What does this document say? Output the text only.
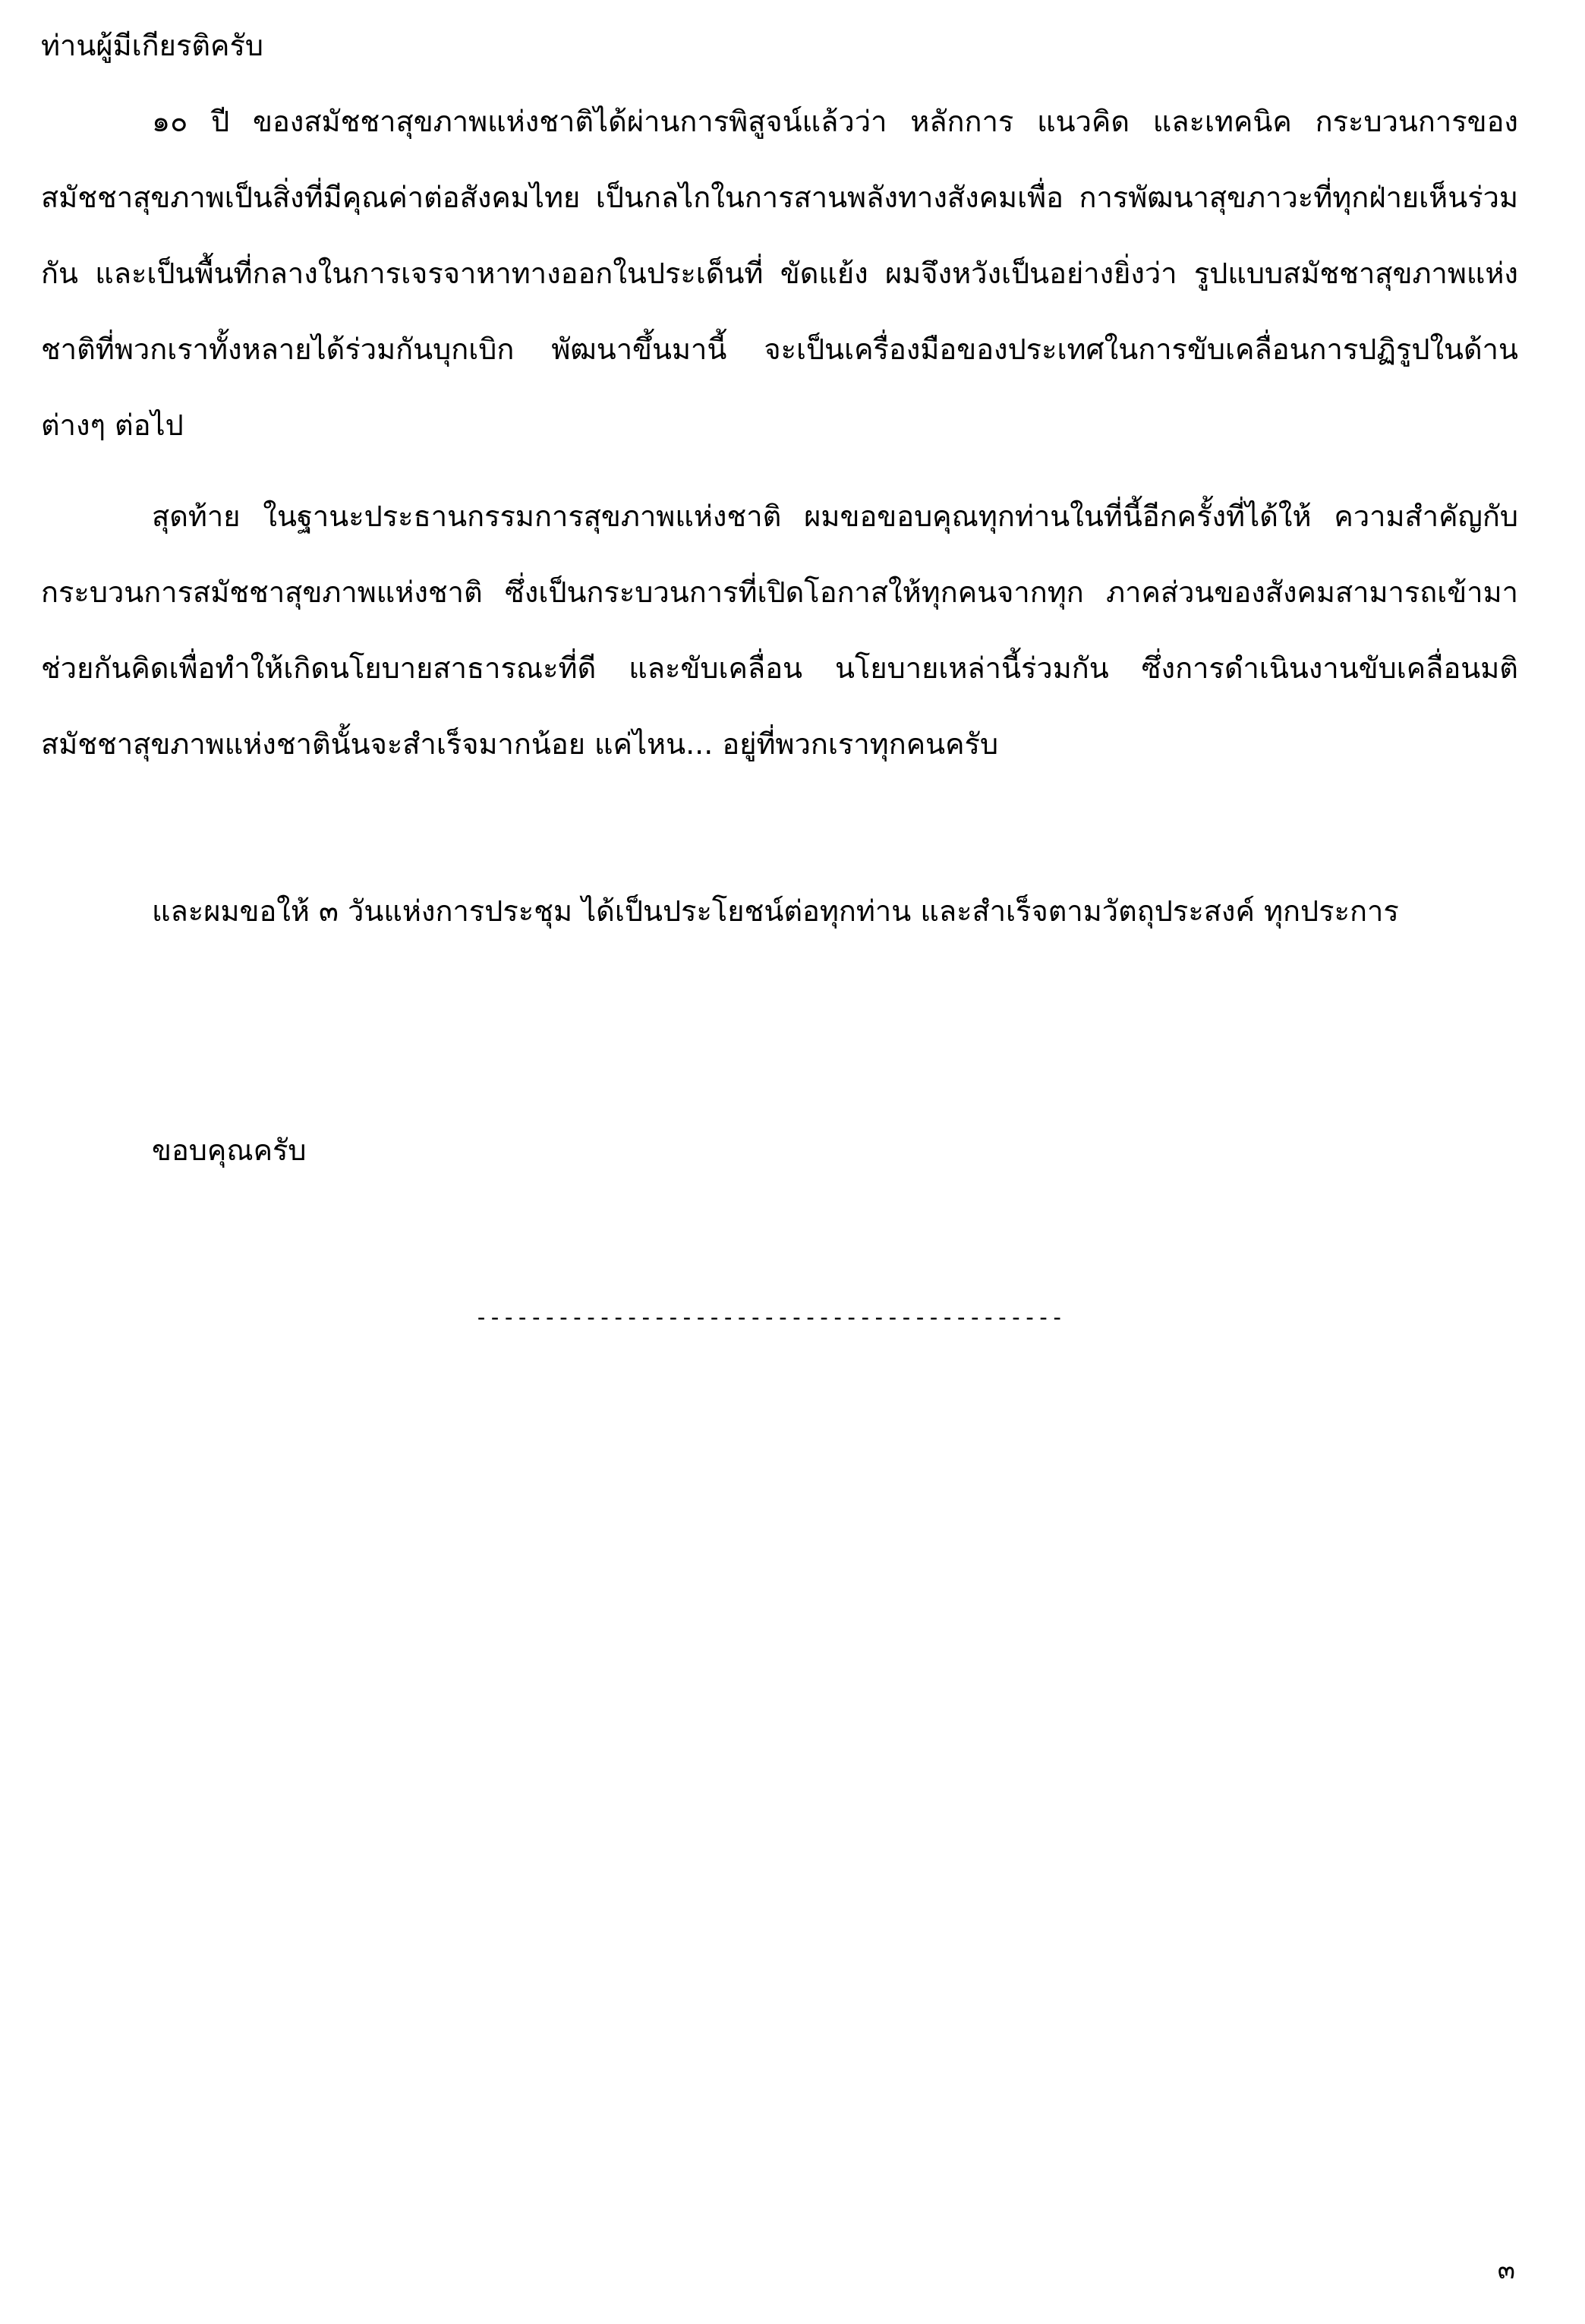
ท่านผู้มีเกียรติครับ
๑๐ ปี ของสมัชชาสุขภาพแห่งชาติได้ผ่านการพิสูจน์แล้วว่า หลักการ แนวคิด และเทคนิค กระบวนการของสมัชชาสุขภาพเป็นสิ่งที่มีคุณค่าต่อสังคมไทย เป็นกลไกในการสานพลังทางสังคมเพื่อ การพัฒนาสุขภาวะที่ทุกฝ่ายเห็นร่วมกัน และเป็นพื้นที่กลางในการเจรจาหาทางออกในประเด็นที่ ขัดแย้ง ผมจึงหวังเป็นอย่างยิ่งว่า รูปแบบสมัชชาสุขภาพแห่งชาติที่พวกเราทั้งหลายได้ร่วมกันบุกเบิก พัฒนาขึ้นมานี้ จะเป็นเครื่องมือของประเทศในการขับเคลื่อนการปฏิรูปในด้านต่างๆ ต่อไป
สุดท้าย ในฐานะประธานกรรมการสุขภาพแห่งชาติ ผมขอขอบคุณทุกท่านในที่นี้อีกครั้งที่ได้ให้ ความสำคัญกับกระบวนการสมัชชาสุขภาพแห่งชาติ ซึ่งเป็นกระบวนการที่เปิดโอกาสให้ทุกคนจากทุก ภาคส่วนของสังคมสามารถเข้ามาช่วยกันคิดเพื่อทำให้เกิดนโยบายสาธารณะที่ดี และขับเคลื่อน นโยบายเหล่านี้ร่วมกัน ซึ่งการดำเนินงานขับเคลื่อนมติสมัชชาสุขภาพแห่งชาตินั้นจะสำเร็จมากน้อย แค่ไหน... อยู่ที่พวกเราทุกคนครับ
และผมขอให้ ๓ วันแห่งการประชุม ได้เป็นประโยชน์ต่อทุกท่าน และสำเร็จตามวัตถุประสงค์ ทุกประการ
ขอบคุณครับ
-------------------------------------------
๓
